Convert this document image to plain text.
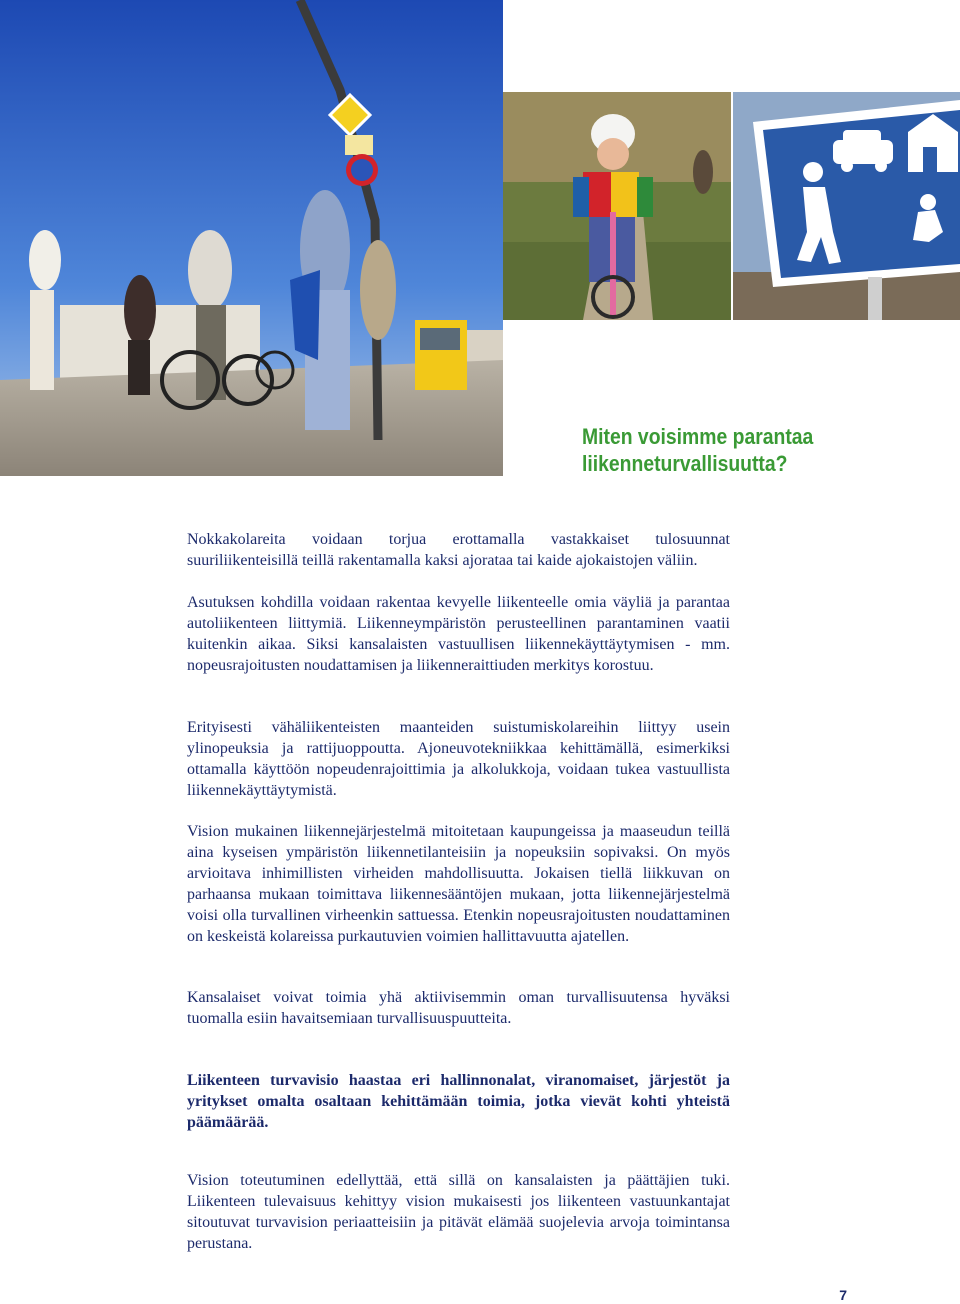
Miten voisimme parantaa
liikenneturvallisuutta?

Nokkakolareita voidaan torjua erottamalla vastakkaiset tulosuunnat suuriliikenteisillä teillä rakentamalla kaksi ajorataa tai kaide ajokaistojen väliin.

Asutuksen kohdilla voidaan rakentaa kevyelle liikenteelle omia väyliä ja parantaa autoliikenteen liittymiä. Liikenneympäristön perusteellinen parantaminen vaatii kuitenkin aikaa. Siksi kansalaisten vastuullisen liikennekäyttäytymisen - mm. nopeusrajoitusten noudattamisen ja liikenneraittiuden merkitys korostuu.

Erityisesti vähäliikenteisten maanteiden suistumiskolareihin liittyy usein ylinopeuksia ja rattijuoppoutta. Ajoneuvotekniikkaa kehittämällä, esimerkiksi ottamalla käyttöön nopeudenrajoittimia ja alkolukkoja, voidaan tukea vastuullista liikennekäyttäytymistä.

Vision mukainen liikennejärjestelmä mitoitetaan kaupungeissa ja maaseudun teillä aina kyseisen ympäristön liikennetilanteisiin ja nopeuksiin sopivaksi. On myös arvioitava inhimillisten virheiden mahdollisuutta. Jokaisen tiellä liikkuvan on parhaansa mukaan toimittava liikennesääntöjen mukaan, jotta liikennejärjestelmä voisi olla turvallinen virheenkin sattuessa. Etenkin nopeusrajoitusten noudattaminen on keskeistä kolareissa purkautuvien voimien hallittavuutta ajatellen.

Kansalaiset voivat toimia yhä aktiivisemmin oman turvallisuutensa hyväksi tuomalla esiin havaitsemiaan turvallisuuspuutteita.

Liikenteen turvavisio haastaa eri hallinnonalat, viranomaiset, järjestöt ja yritykset omalta osaltaan kehittämään toimia, jotka vievät kohti yhteistä päämäärää.

Vision toteutuminen edellyttää, että sillä on kansalaisten ja päättäjien tuki. Liikenteen tulevaisuus kehittyy vision mukaisesti jos liikenteen vastuunkantajat sitoutuvat turvavision periaatteisiin ja pitävät elämää suojelevia arvoja toimintansa perustana.

7
